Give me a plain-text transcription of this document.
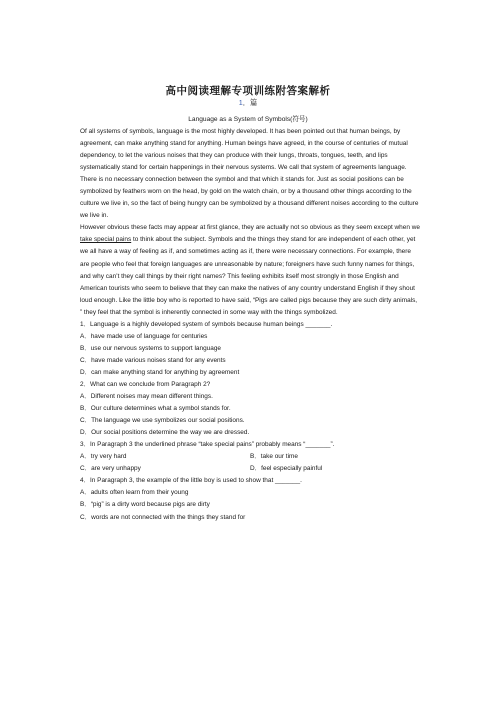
高中阅读理解专项训练附答案解析
1．篇
Language as a System of Symbols(符号)

Of all systems of symbols, language is the most highly developed. It has been pointed out that human beings, by agreement, can make anything stand for anything. Human beings have agreed, in the course of centuries of mutual dependency, to let the various noises that they can produce with their lungs, throats, tongues, teeth, and lips systematically stand for certain happenings in their nervous systems. We call that system of agreements language.

There is no necessary connection between the symbol and that which it stands for. Just as social positions can be symbolized by feathers worn on the head, by gold on the watch chain, or by a thousand other things according to the culture we live in, so the fact of being hungry can be symbolized by a thousand different noises according to the culture we live in.

However obvious these facts may appear at first glance, they are actually not so obvious as they seem except when we take special pains to think about the subject. Symbols and the things they stand for are independent of each other, yet we all have a way of feeling as if, and sometimes acting as if, there were necessary connections. For example, there are people who feel that foreign languages are unreasonable by nature; foreigners have such funny names for things, and why can’t they call things by their right names? This feeling exhibits itself most strongly in those English and American tourists who seem to believe that they can make the natives of any country understand English if they shout loud enough. Like the little boy who is reported to have said, “Pigs are called pigs because they are such dirty animals, ” they feel that the symbol is inherently connected in some way with the things symbolized.

1．Language is a highly developed system of symbols because human beings _______.

A．have made use of language for centuries

B．use our nervous systems to support language

C．have made various noises stand for any events

D．can make anything stand for anything by agreement

2．What can we conclude from Paragraph 2?

A．Different noises may mean different things.

B．Our culture determines what a symbol stands for.

C．The language we use symbolizes our social positions.

D．Our social positions determine the way we are dressed.

3．In Paragraph 3 the underlined phrase “take special pains” probably means “_______”.

A．try very hard	B．take our time
C．are very unhappy	D．feel especially painful

4．In Paragraph 3, the example of the little boy is used to show that _______.

A．adults often learn from their young

B．“pig” is a dirty word because pigs are dirty

C．words are not connected with the things they stand for
